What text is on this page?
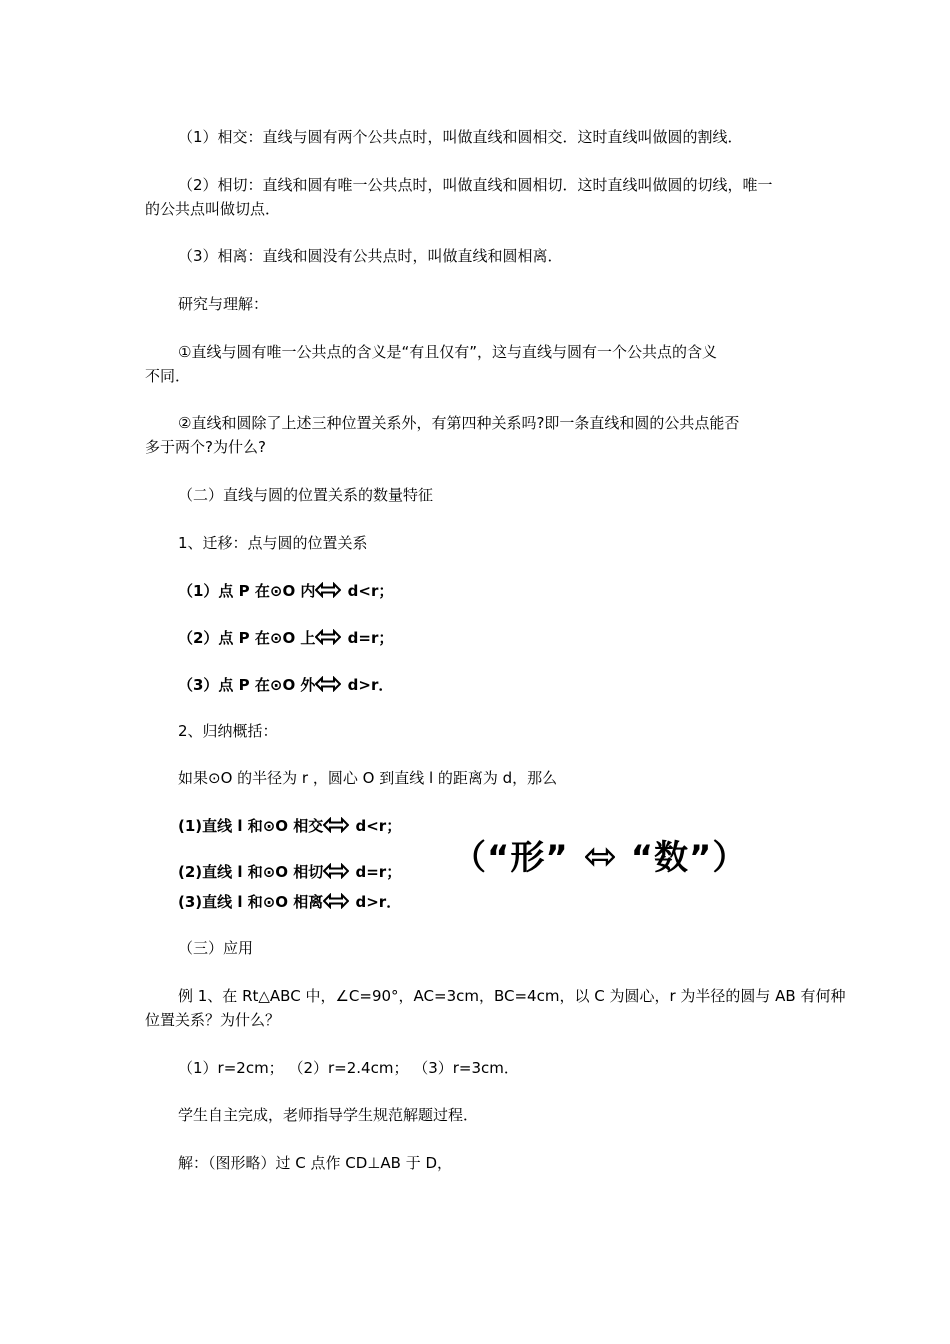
（1）相交：直线与圆有两个公共点时，叫做直线和圆相交．这时直线叫做圆的割线．
（2）相切：直线和圆有唯一公共点时，叫做直线和圆相切．这时直线叫做圆的切线，唯一
的公共点叫做切点．
（3）相离：直线和圆没有公共点时，叫做直线和圆相离．
研究与理解：
①直线与圆有唯一公共点的含义是“有且仅有”，这与直线与圆有一个公共点的含义
不同．
②直线和圆除了上述三种位置关系外，有第四种关系吗?即一条直线和圆的公共点能否
多于两个?为什么?
（二）直线与圆的位置关系的数量特征
1、迁移：点与圆的位置关系
（1）点 P 在⊙O 内 d<r；
（2）点 P 在⊙O 上 d=r；
（3）点 P 在⊙O 外 d>r．
2、归纳概括：
如果⊙O 的半径为 r ，圆心 O 到直线 l 的距离为 d，那么
(1)直线 l 和⊙O 相交 d<r；
(2)直线 l 和⊙O 相切 d=r；
(3)直线 l 和⊙O 相离 d>r．
（“形” “数”）
（三）应用
例 1、在 Rt△ABC 中，∠C=90°，AC=3cm，BC=4cm，以 C 为圆心，r 为半径的圆与 AB 有何种
位置关系？为什么？
（1）r=2cm； （2）r=2.4cm； （3）r=3cm．
学生自主完成，老师指导学生规范解题过程．
解：（图形略）过 C 点作 CD⊥AB 于 D，
